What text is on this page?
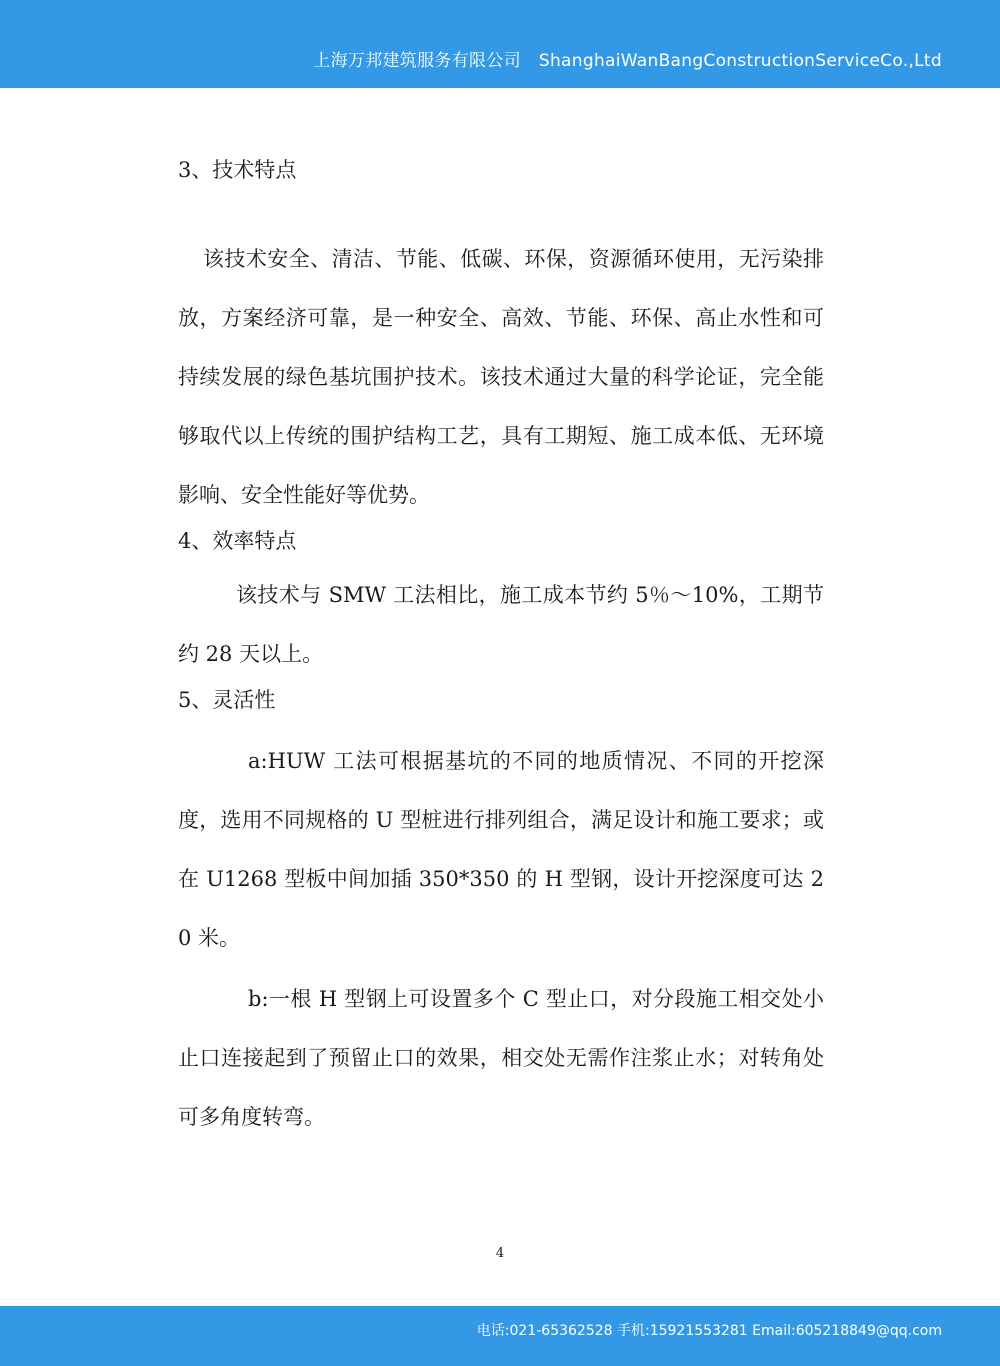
上海万邦建筑服务有限公司 ShanghaiWanBangConstructionServiceCo.,Ltd

3、技术特点

该技术安全、清洁、节能、低碳、环保，资源循环使用，无污染排放，方案经济可靠，是一种安全、高效、节能、环保、高止水性和可持续发展的绿色基坑围护技术。该技术通过大量的科学论证，完全能够取代以上传统的围护结构工艺，具有工期短、施工成本低、无环境影响、安全性能好等优势。

4、效率特点

该技术与 SMW 工法相比，施工成本节约 5％～10%，工期节约 28 天以上。

5、灵活性

a:HUW 工法可根据基坑的不同的地质情况、不同的开挖深度，选用不同规格的 U 型桩进行排列组合，满足设计和施工要求；或在 U1268 型板中间加插 350*350 的 H 型钢，设计开挖深度可达 20 米。

b:一根 H 型钢上可设置多个 C 型止口，对分段施工相交处小止口连接起到了预留止口的效果，相交处无需作注浆止水；对转角处可多角度转弯。

4
电话:021-65362528 手机:15921553281 Email:605218849@qq.com
